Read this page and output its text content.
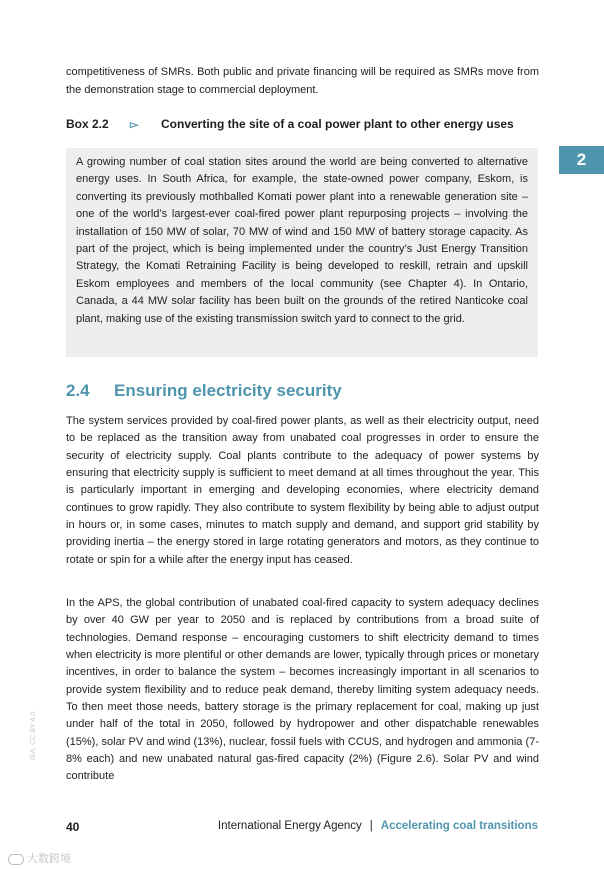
competitiveness of SMRs. Both public and private financing will be required as SMRs move from the demonstration stage to commercial deployment.
Box 2.2 ▻ Converting the site of a coal power plant to other energy uses
2

A growing number of coal station sites around the world are being converted to alternative energy uses. In South Africa, for example, the state-owned power company, Eskom, is converting its previously mothballed Komati power plant into a renewable generation site – one of the world’s largest-ever coal-fired power plant repurposing projects – involving the installation of 150 MW of solar, 70 MW of wind and 150 MW of battery storage capacity. As part of the project, which is being implemented under the country’s Just Energy Transition Strategy, the Komati Retraining Facility is being developed to reskill, retrain and upskill Eskom employees and members of the local community (see Chapter 4). In Ontario, Canada, a 44 MW solar facility has been built on the grounds of the retired Nanticoke coal plant, making use of the existing transmission switch yard to connect to the grid.

2.4 Ensuring electricity security

The system services provided by coal-fired power plants, as well as their electricity output, need to be replaced as the transition away from unabated coal progresses in order to ensure the security of electricity supply. Coal plants contribute to the adequacy of power systems by ensuring that electricity supply is sufficient to meet demand at all times throughout the year. This is particularly important in emerging and developing economies, where electricity demand continues to grow rapidly. They also contribute to system flexibility by being able to adjust output in hours or, in some cases, minutes to match supply and demand, and support grid stability by providing inertia – the energy stored in large rotating generators and motors, as they continue to rotate or spin for a while after the energy input has ceased.

In the APS, the global contribution of unabated coal-fired capacity to system adequacy declines by over 40 GW per year to 2050 and is replaced by contributions from a broad suite of technologies. Demand response – encouraging customers to shift electricity demand to times when electricity is more plentiful or other demands are lower, typically through prices or monetary incentives, in order to balance the system – becomes increasingly important in all scenarios to provide system flexibility and to reduce peak demand, thereby limiting system adequacy needs. To then meet those needs, battery storage is the primary replacement for coal, making up just under half of the total in 2050, followed by hydropower and other dispatchable renewables (15%), solar PV and wind (13%), nuclear, fossil fuels with CCUS, and hydrogen and ammonia (7-8% each) and new unabated natural gas-fired capacity (2%) (Figure 2.6). Solar PV and wind contribute

IEA. CC BY 4.0.
40	International Energy Agency | Accelerating coal transitions
大数跨境
